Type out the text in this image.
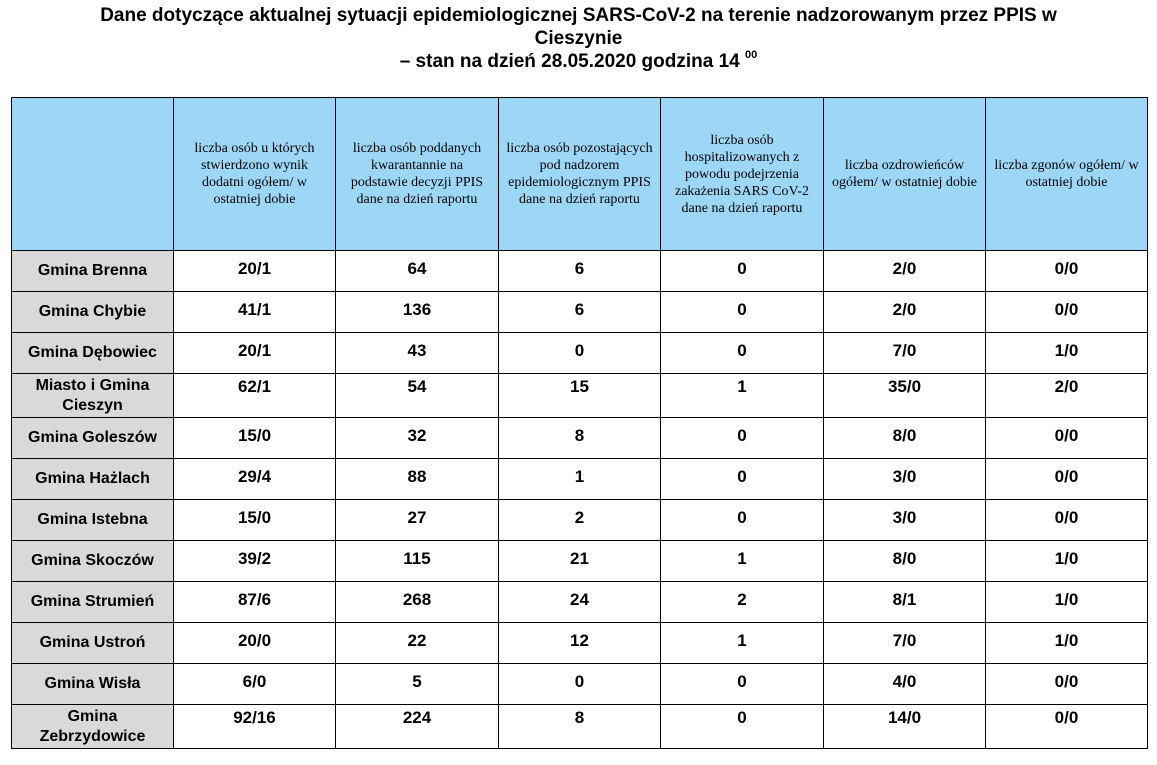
Dane dotyczące aktualnej sytuacji epidemiologicznej SARS-CoV-2 na terenie nadzorowanym przez PPIS w
Cieszynie
– stan na dzień 28.05.2020 godzina 14 $^{00}$
	liczba osób u których stwierdzono wynik dodatni ogółem/ w ostatniej dobie	liczba osób poddanych kwarantannie na podstawie decyzji PPIS dane na dzień raportu	liczba osób pozostających pod nadzorem epidemiologicznym PPIS dane na dzień raportu	liczba osób hospitalizowanych z powodu podejrzenia zakażenia SARS CoV-2 dane na dzień raportu	liczba ozdrowieńców ogółem/ w ostatniej dobie	liczba zgonów ogółem/ w ostatniej dobie
Gmina Brenna	20/1	64	6	0	2/0	0/0
Gmina Chybie	41/1	136	6	0	2/0	0/0
Gmina Dębowiec	20/1	43	0	0	7/0	1/0
Miasto i Gmina Cieszyn	62/1	54	15	1	35/0	2/0
Gmina Goleszów	15/0	32	8	0	8/0	0/0
Gmina Hażlach	29/4	88	1	0	3/0	0/0
Gmina Istebna	15/0	27	2	0	3/0	0/0
Gmina Skoczów	39/2	115	21	1	8/0	1/0
Gmina Strumień	87/6	268	24	2	8/1	1/0
Gmina Ustroń	20/0	22	12	1	7/0	1/0
Gmina Wisła	6/0	5	0	0	4/0	0/0
Gmina Zebrzydowice	92/16	224	8	0	14/0	0/0
